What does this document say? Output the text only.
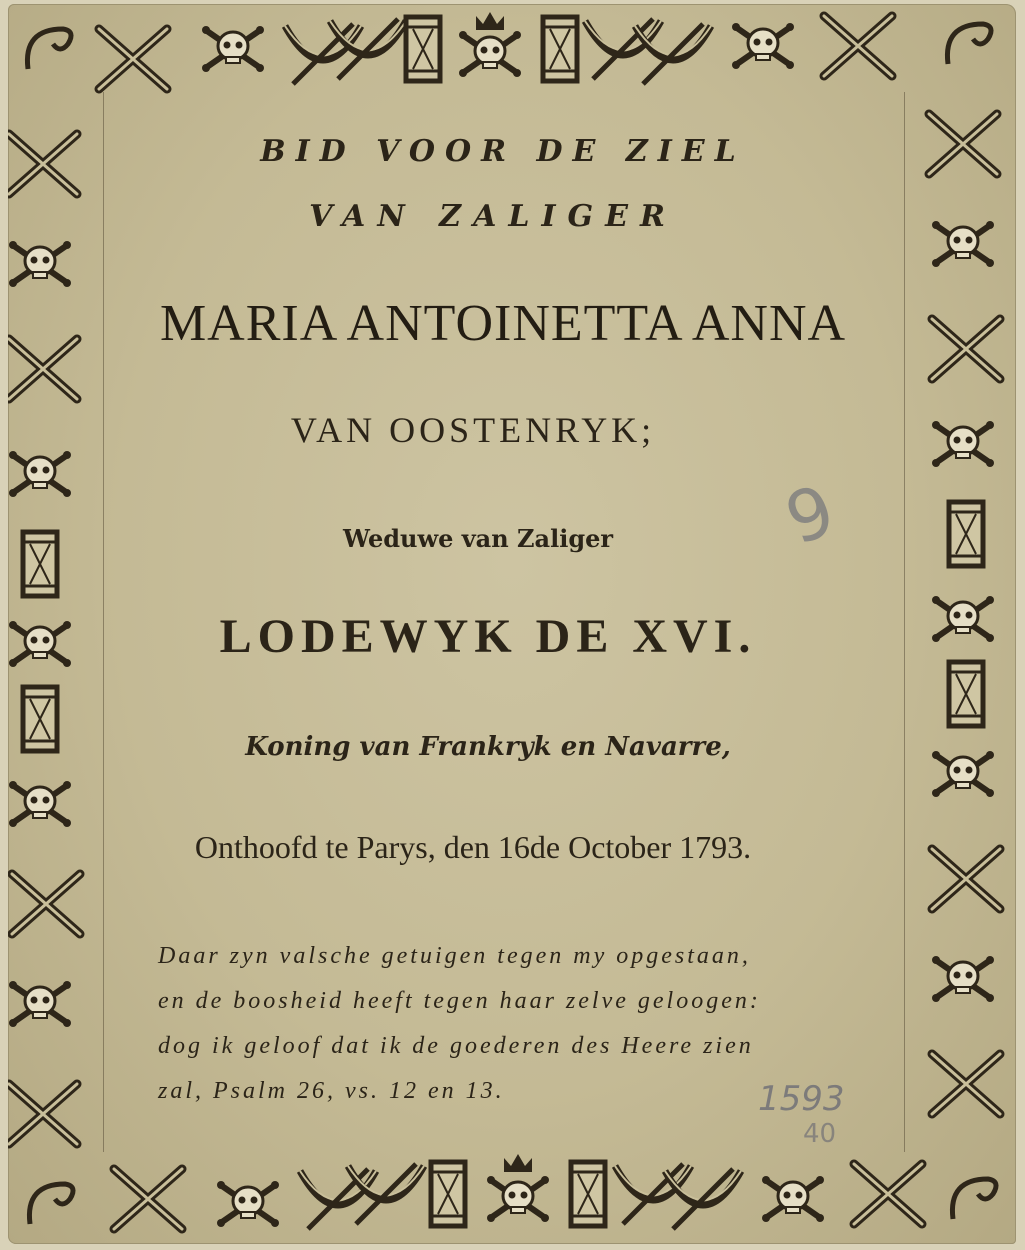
BID VOOR DE ZIEL
VAN ZALIGER
MARIA ANTOINETTA ANNA
VAN OOSTENRYK;
Weduwe van Zaliger
LODEWYK DE XVI.
Koning van Frankryk en Navarre,
Onthoofd te Parys, den 16de October 1793.
Daar zyn valsche getuigen tegen my opgestaan,
en de boosheid heeft tegen haar zelve geloogen:
dog ik geloof dat ik de goederen des Heere zien
zal, Psalm 26, vs. 12 en 13.
9
1593
40
